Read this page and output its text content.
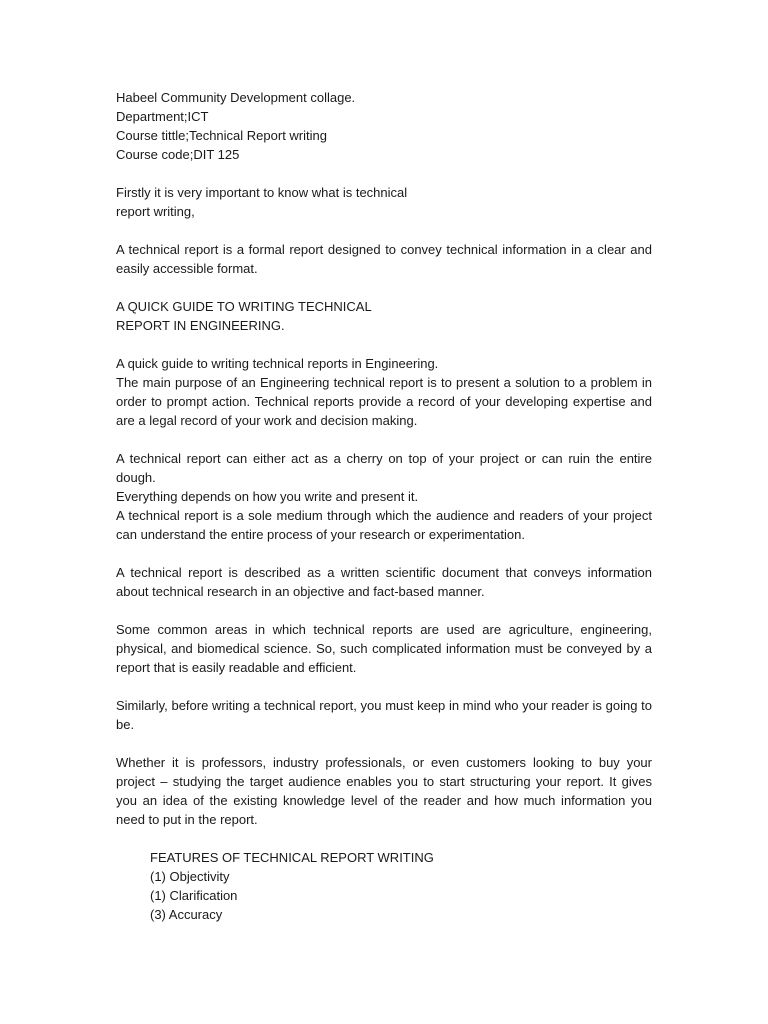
Habeel Community Development collage.
Department;ICT
Course tittle;Technical Report writing
Course code;DIT 125

Firstly it is very important to know what is technical
report writing,

A technical report is a formal report designed to convey technical information in a clear and easily accessible format.

A QUICK GUIDE TO WRITING TECHNICAL
REPORT IN ENGINEERING.

A quick guide to writing technical reports in Engineering.
The main purpose of an Engineering technical report is to present a solution to a problem in order to prompt action. Technical reports provide a record of your developing expertise and are a legal record of your work and decision making.

A technical report can either act as a cherry on top of your project or can ruin the entire dough.
Everything depends on how you write and present it.
A technical report is a sole medium through which the audience and readers of your project can understand the entire process of your research or experimentation.

A technical report is described as a written scientific document that conveys information about technical research in an objective and fact-based manner.

Some common areas in which technical reports are used are agriculture, engineering, physical, and biomedical science. So, such complicated information must be conveyed by a report that is easily readable and efficient.

Similarly, before writing a technical report, you must keep in mind who your reader is going to be.

Whether it is professors, industry professionals, or even customers looking to buy your project – studying the target audience enables you to start structuring your report. It gives you an idea of the existing knowledge level of the reader and how much information you need to put in the report.

FEATURES OF TECHNICAL REPORT WRITING
(1) Objectivity
(1) Clarification
(3) Accuracy
